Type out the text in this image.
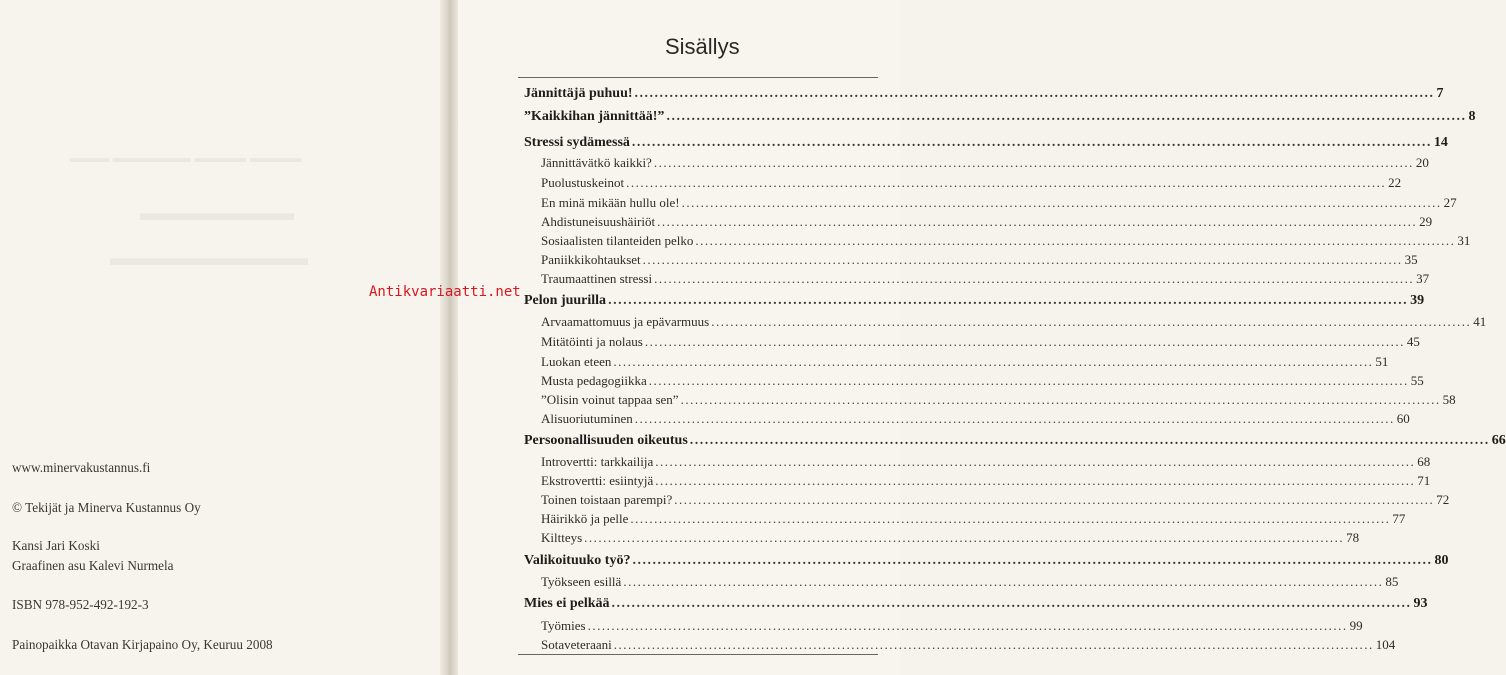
▬▬▬ ▬▬▬▬▬▬ ▬▬▬▬ ▬▬▬▬
▬▬▬▬▬▬▬
▬▬▬▬▬▬▬▬▬
www.minervakustannus.fi
© Tekijät ja Minerva Kustannus Oy
Kansi Jari Koski
Graafinen asu Kalevi Nurmela
ISBN 978-952-492-192-3
Painopaikka Otavan Kirjapaino Oy, Keuruu 2008
Sisällys
Jännittäjä puhuu! ................................................................................................................................................................ 7
”Kaikkihan jännittää!” ................................................................................................................................................................ 8
Stressi sydämessä ................................................................................................................................................................ 14
Jännittävätkö kaikki? ................................................................................................................................................................ 20
Puolustuskeinot ................................................................................................................................................................ 22
En minä mikään hullu ole! ................................................................................................................................................................ 27
Ahdistuneisuushäiriöt ................................................................................................................................................................ 29
Sosiaalisten tilanteiden pelko ................................................................................................................................................................ 31
Paniikkikohtaukset ................................................................................................................................................................ 35
Traumaattinen stressi ................................................................................................................................................................ 37
Pelon juurilla ................................................................................................................................................................ 39
Arvaamattomuus ja epävarmuus ................................................................................................................................................................ 41
Mitätöinti ja nolaus ................................................................................................................................................................ 45
Luokan eteen ................................................................................................................................................................ 51
Musta pedagogiikka ................................................................................................................................................................ 55
”Olisin voinut tappaa sen” ................................................................................................................................................................ 58
Alisuoriutuminen ................................................................................................................................................................ 60
Persoonallisuuden oikeutus ................................................................................................................................................................ 66
Introvertti: tarkkailija ................................................................................................................................................................ 68
Ekstrovertti: esiintyjä ................................................................................................................................................................ 71
Toinen toistaan parempi? ................................................................................................................................................................ 72
Häirikkö ja pelle ................................................................................................................................................................ 77
Kiltteys ................................................................................................................................................................ 78
Valikoituuko työ? ................................................................................................................................................................ 80
Työkseen esillä ................................................................................................................................................................ 85
Mies ei pelkää ................................................................................................................................................................ 93
Työmies ................................................................................................................................................................ 99
Sotaveteraani ................................................................................................................................................................ 104
Antikvariaatti.net
